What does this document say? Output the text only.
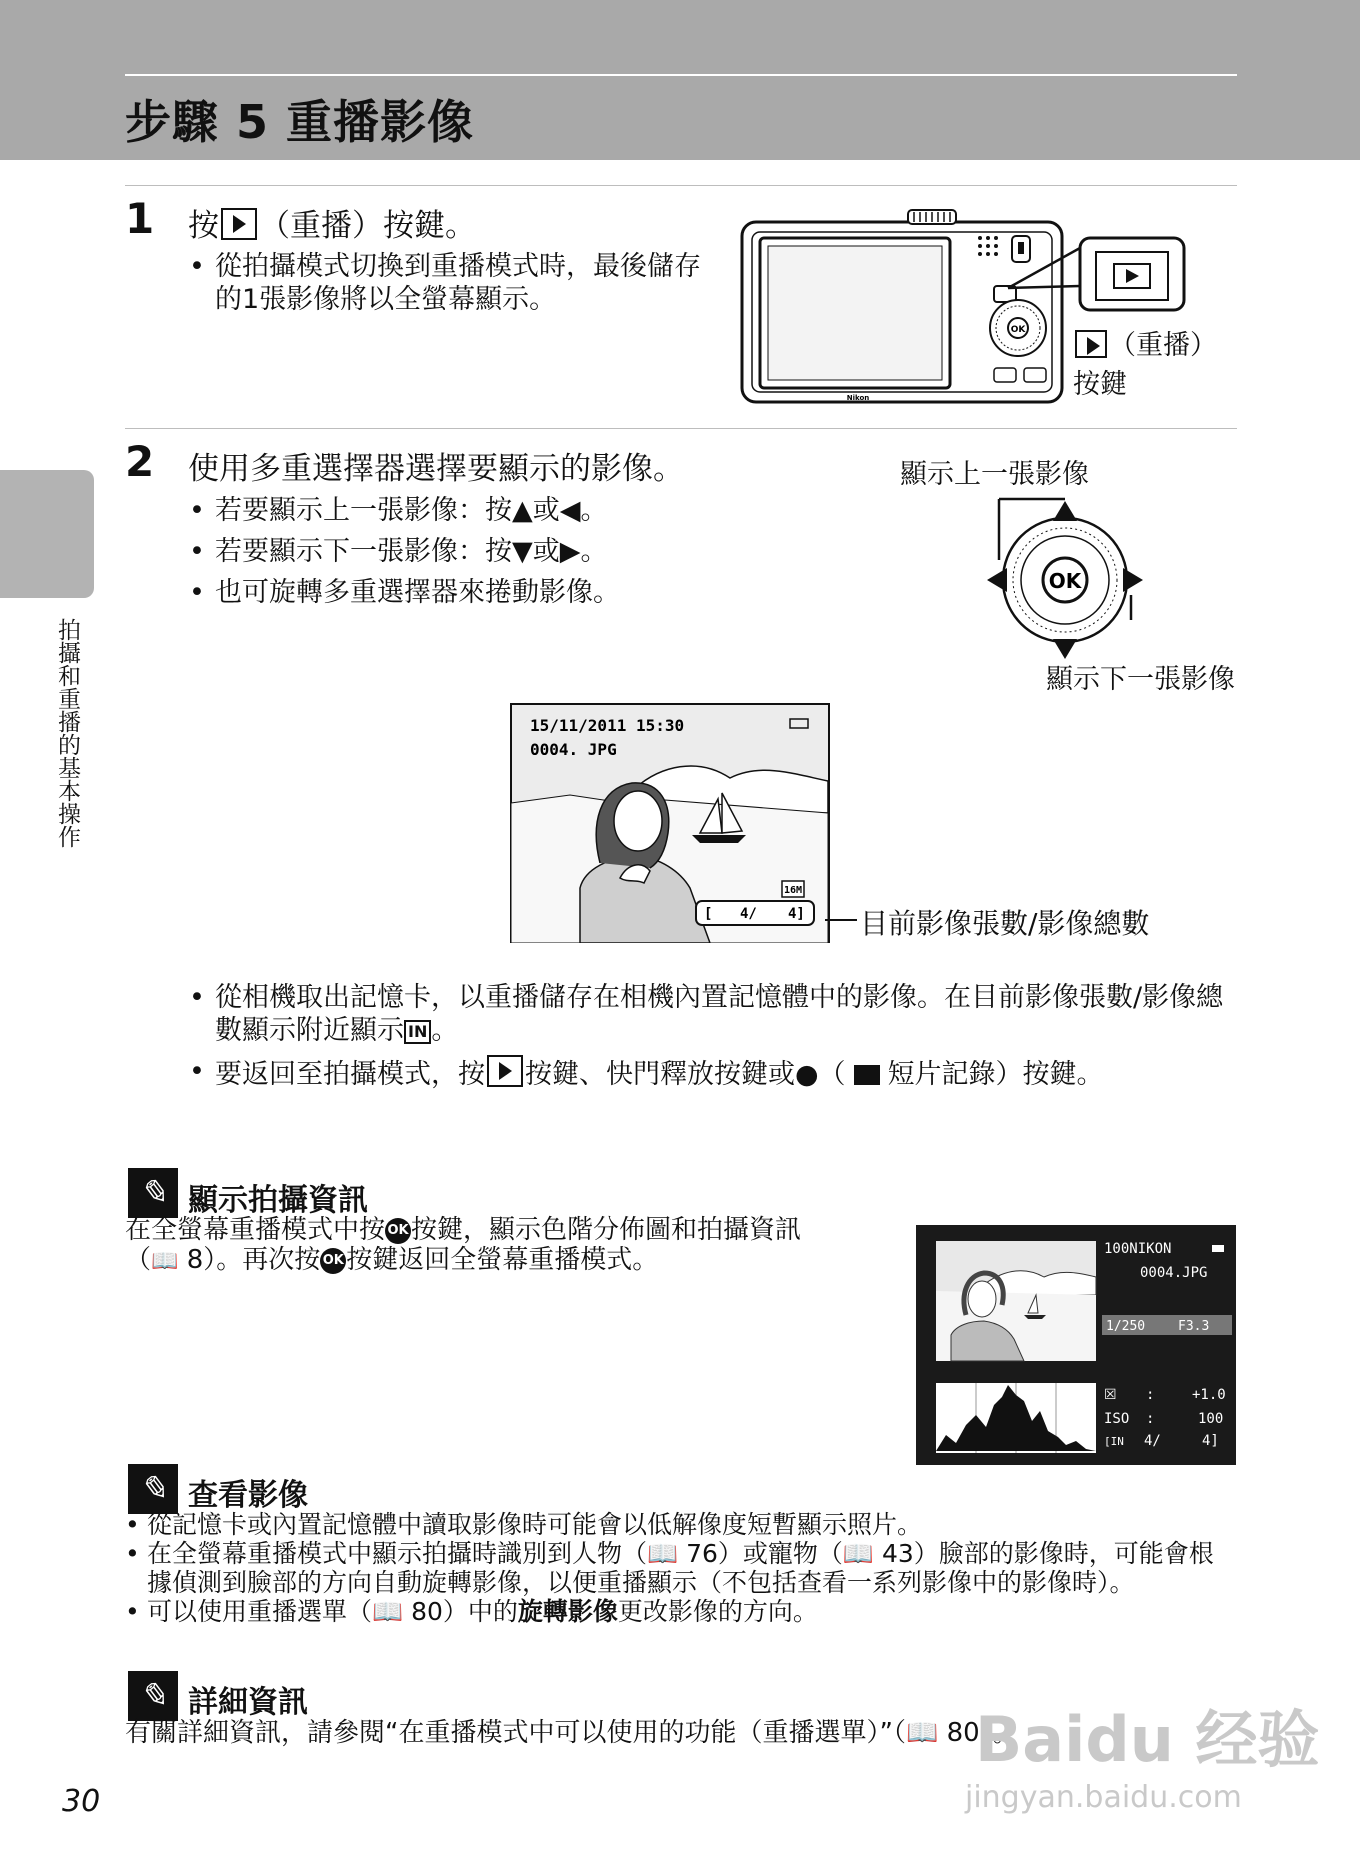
步驟 5 重播影像
拍攝和重播的基本操作
1 按 （重播）按鍵。
• 從拍攝模式切換到重播模式時，最後儲存的1張影像將以全螢幕顯示。
OK
Nikon
（重播）
按鍵
2 使用多重選擇器選擇要顯示的影像。
• 若要顯示上一張影像：按▲或◀。
• 若要顯示下一張影像：按▼或▶。
• 也可旋轉多重選擇器來捲動影像。
顯示上一張影像
OK
顯示下一張影像
16M
[ 4/ 4]
15/11/2011 15:30
0004. JPG
目前影像張數/影像總數
• 從相機取出記憶卡，以重播儲存在相機內置記憶體中的影像。在目前影像張數/影像總數顯示附近顯示 IN 。
• 要返回至拍攝模式，按 按鍵、快門釋放按鍵或●（ 短片記錄）按鍵。
✎ 顯示拍攝資訊
在全螢幕重播模式中按 OK按鍵，顯示色階分佈圖和拍攝資訊
（📖 8）。再次按 OK按鍵返回全螢幕重播模式。	100NIKON
0004.JPG
1/250	F3.3
☒ :	+1.0
ISO :	100
[IN 4/	4]
✎ 查看影像
• 從記憶卡或內置記憶體中讀取影像時可能會以低解像度短暫顯示照片。
• 在全螢幕重播模式中顯示拍攝時識別到人物（📖 76）或寵物（📖 43）臉部的影像時，可能會根據偵測到臉部的方向自動旋轉影像，以便重播顯示（不包括查看一系列影像中的影像時）。
• 可以使用重播選單（📖 80）中的旋轉影像更改影像的方向。
✎ 詳細資訊
有關詳細資訊，請參閱“在重播模式中可以使用的功能（重播選單）”（📖 80）。
30
Baidu 经验
jingyan.baidu.com
